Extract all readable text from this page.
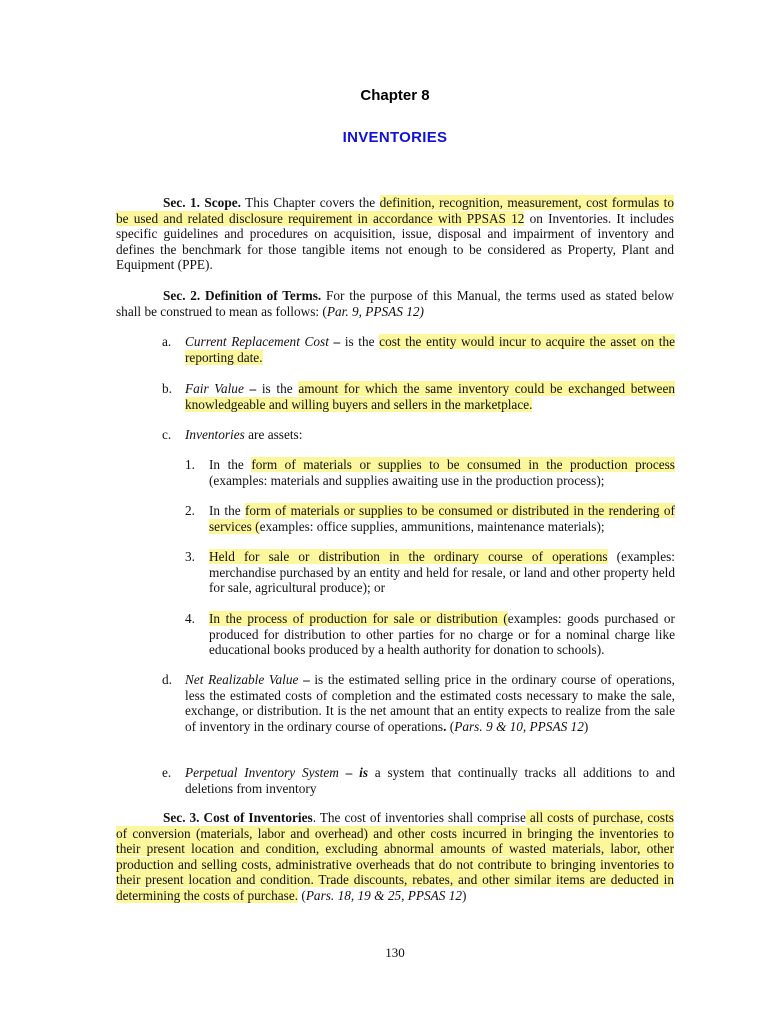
Chapter 8
INVENTORIES
Sec. 1. Scope. This Chapter covers the definition, recognition, measurement, cost formulas to be used and related disclosure requirement in accordance with PPSAS 12 on Inventories. It includes specific guidelines and procedures on acquisition, issue, disposal and impairment of inventory and defines the benchmark for those tangible items not enough to be considered as Property, Plant and Equipment (PPE).
Sec. 2. Definition of Terms. For the purpose of this Manual, the terms used as stated below shall be construed to mean as follows: (Par. 9, PPSAS 12)
a.	Current Replacement Cost – is the cost the entity would incur to acquire the asset on the reporting date.
b. Fair Value – is the amount for which the same inventory could be exchanged between knowledgeable and willing buyers and sellers in the marketplace.
c.	Inventories are assets:
1.	In the form of materials or supplies to be consumed in the production process (examples: materials and supplies awaiting use in the production process);
2.	In the form of materials or supplies to be consumed or distributed in the rendering of services (examples: office supplies, ammunitions, maintenance materials);
3.	Held for sale or distribution in the ordinary course of operations (examples: merchandise purchased by an entity and held for resale, or land and other property held for sale, agricultural produce); or
4.	In the process of production for sale or distribution (examples: goods purchased or produced for distribution to other parties for no charge or for a nominal charge like educational books produced by a health authority for donation to schools).
d. Net Realizable Value – is the estimated selling price in the ordinary course of operations, less the estimated costs of completion and the estimated costs necessary to make the sale, exchange, or distribution. It is the net amount that an entity expects to realize from the sale of inventory in the ordinary course of operations. (Pars. 9 & 10, PPSAS 12)
e.	Perpetual Inventory System – is a system that continually tracks all additions to and deletions from inventory
Sec. 3. Cost of Inventories. The cost of inventories shall comprise all costs of purchase, costs of conversion (materials, labor and overhead) and other costs incurred in bringing the inventories to their present location and condition, excluding abnormal amounts of wasted materials, labor, other production and selling costs, administrative overheads that do not contribute to bringing inventories to their present location and condition. Trade discounts, rebates, and other similar items are deducted in determining the costs of purchase. (Pars. 18, 19 & 25, PPSAS 12)
130
